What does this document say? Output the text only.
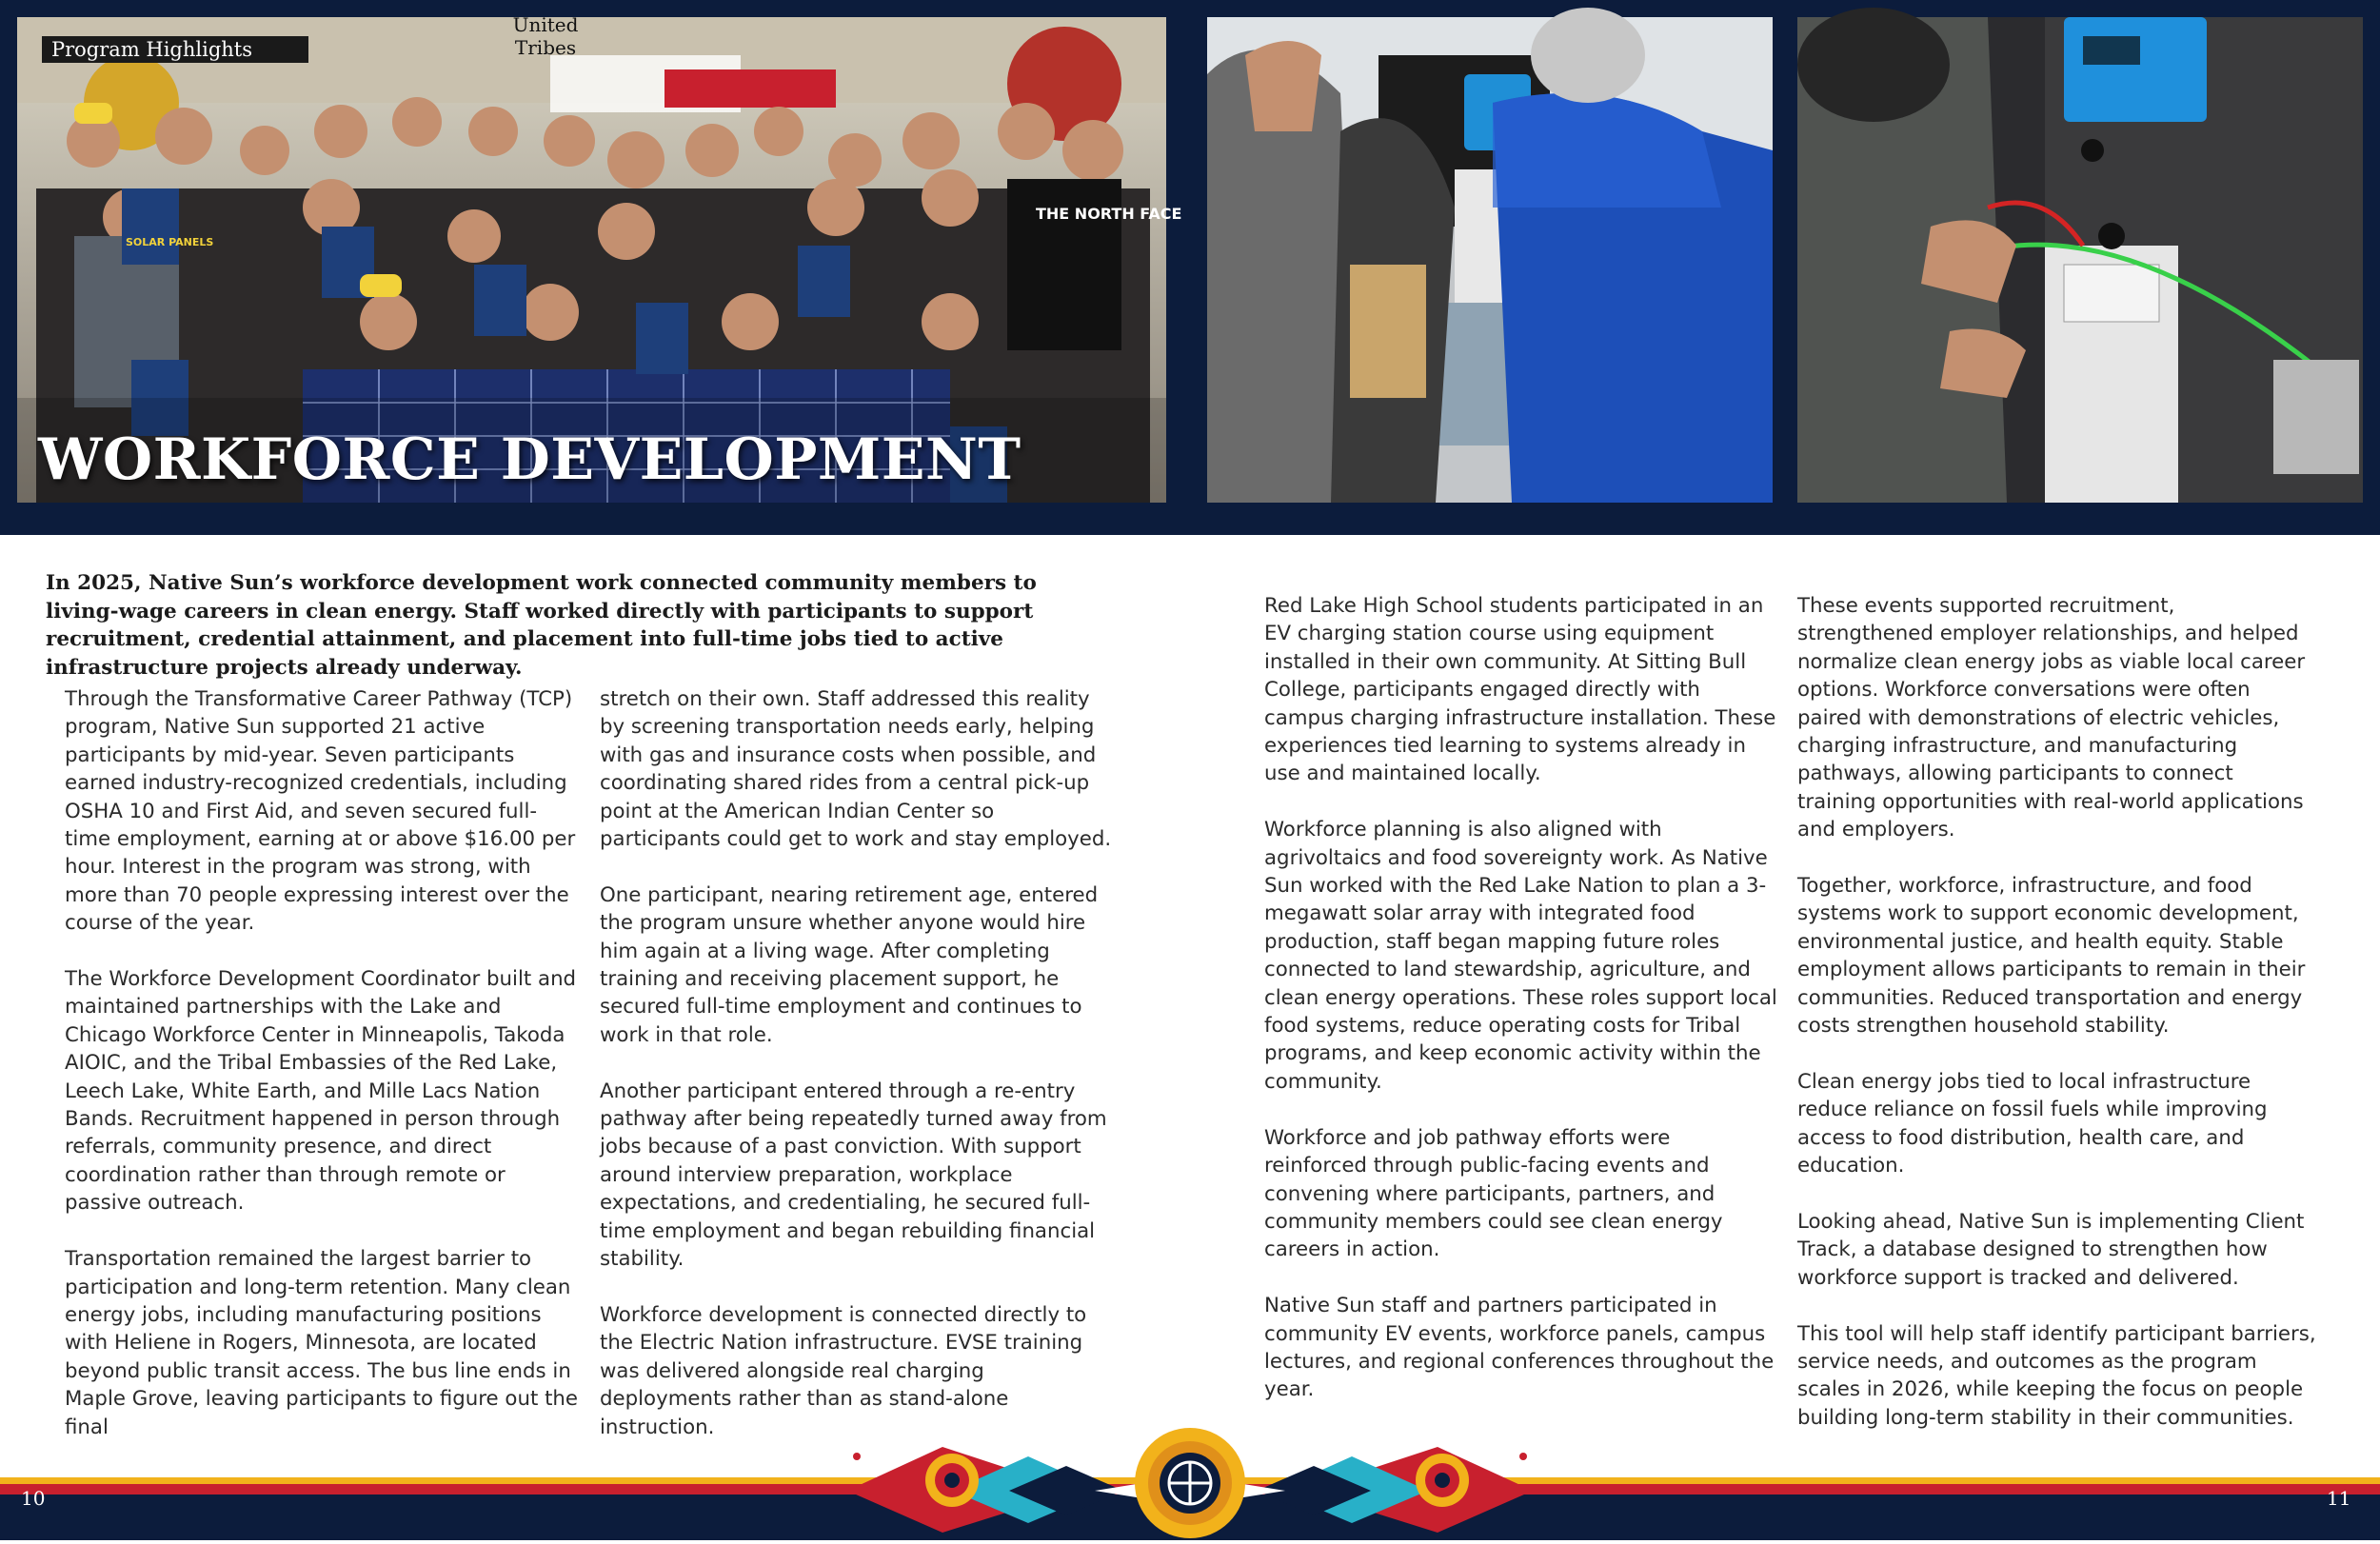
SOLAR PANELS
THE NORTH FACE
Program Highlights
United Tribes
WORKFORCE DEVELOPMENT
In 2025, Native Sun’s workforce development work connected community members to living-wage careers in clean energy. Staff worked directly with participants to support recruitment, credential attainment, and placement into full-time jobs tied to active infrastructure projects already underway.

Through the Transformative Career Pathway (TCP) program, Native Sun supported 21 active participants by mid-year. Seven participants earned industry-recognized credentials, including OSHA 10 and First Aid, and seven secured full-time employment, earning at or above $16.00 per hour. Interest in the program was strong, with more than 70 people expressing interest over the course of the year.

The Workforce Development Coordinator built and maintained partnerships with the Lake and Chicago Workforce Center in Minneapolis, Takoda AIOIC, and the Tribal Embassies of the Red Lake, Leech Lake, White Earth, and Mille Lacs Nation Bands. Recruitment happened in person through referrals, community presence, and direct coordination rather than through remote or passive outreach.

Transportation remained the largest barrier to participation and long-term retention. Many clean energy jobs, including manufacturing positions with Heliene in Rogers, Minnesota, are located beyond public transit access. The bus line ends in Maple Grove, leaving participants to figure out the final

stretch on their own. Staff addressed this reality by screening transportation needs early, helping with gas and insurance costs when possible, and coordinating shared rides from a central pick-up point at the American Indian Center so participants could get to work and stay employed.

One participant, nearing retirement age, entered the program unsure whether anyone would hire him again at a living wage. After completing training and receiving placement support, he secured full-time employment and continues to work in that role.

Another participant entered through a re-entry pathway after being repeatedly turned away from jobs because of a past conviction. With support around interview preparation, workplace expectations, and credentialing, he secured full-time employment and began rebuilding financial stability.

Workforce development is connected directly to the Electric Nation infrastructure. EVSE training was delivered alongside real charging deployments rather than as stand-alone instruction.

Red Lake High School students participated in an EV charging station course using equipment installed in their own community. At Sitting Bull College, participants engaged directly with campus charging infrastructure installation. These experiences tied learning to systems already in use and maintained locally.

Workforce planning is also aligned with agrivoltaics and food sovereignty work. As Native Sun worked with the Red Lake Nation to plan a 3-megawatt solar array with integrated food production, staff began mapping future roles connected to land stewardship, agriculture, and clean energy operations. These roles support local food systems, reduce operating costs for Tribal programs, and keep economic activity within the community.

Workforce and job pathway efforts were reinforced through public-facing events and convening where participants, partners, and community members could see clean energy careers in action.

Native Sun staff and partners participated in community EV events, workforce panels, campus lectures, and regional conferences throughout the year.

These events supported recruitment, strengthened employer relationships, and helped normalize clean energy jobs as viable local career options. Workforce conversations were often paired with demonstrations of electric vehicles, charging infrastructure, and manufacturing pathways, allowing participants to connect training opportunities with real-world applications and employers.

Together, workforce, infrastructure, and food systems work to support economic development, environmental justice, and health equity. Stable employment allows participants to remain in their communities. Reduced transportation and energy costs strengthen household stability.

Clean energy jobs tied to local infrastructure reduce reliance on fossil fuels while improving access to food distribution, health care, and education.

Looking ahead, Native Sun is implementing Client Track, a database designed to strengthen how workforce support is tracked and delivered.

This tool will help staff identify participant barriers, service needs, and outcomes as the program scales in 2026, while keeping the focus on people building long-term stability in their communities.

10	11
